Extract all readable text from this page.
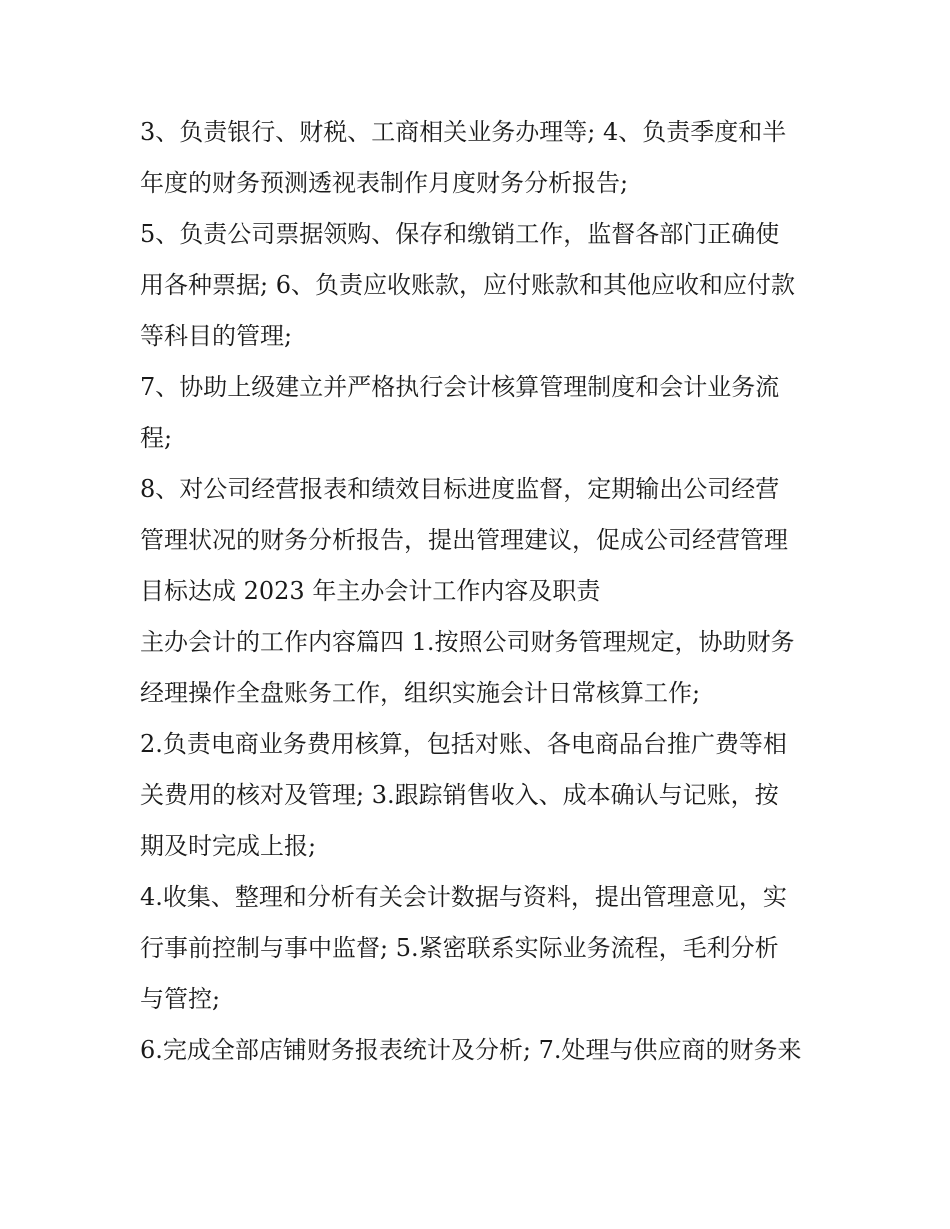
3、负责银行、财税、工商相关业务办理等; 4、负责季度和半
年度的财务预测透视表制作月度财务分析报告;
5、负责公司票据领购、保存和缴销工作，监督各部门正确使
用各种票据; 6、负责应收账款，应付账款和其他应收和应付款
等科目的管理;
7、协助上级建立并严格执行会计核算管理制度和会计业务流
程;
8、对公司经营报表和绩效目标进度监督，定期输出公司经营
管理状况的财务分析报告，提出管理建议，促成公司经营管理
目标达成 2023 年主办会计工作内容及职责
主办会计的工作内容篇四 1.按照公司财务管理规定，协助财务
经理操作全盘账务工作，组织实施会计日常核算工作;
2.负责电商业务费用核算，包括对账、各电商品台推广费等相
关费用的核对及管理; 3.跟踪销售收入、成本确认与记账，按
期及时完成上报;
4.收集、整理和分析有关会计数据与资料，提出管理意见，实
行事前控制与事中监督; 5.紧密联系实际业务流程，毛利分析
与管控;
6.完成全部店铺财务报表统计及分析; 7.处理与供应商的财务来
